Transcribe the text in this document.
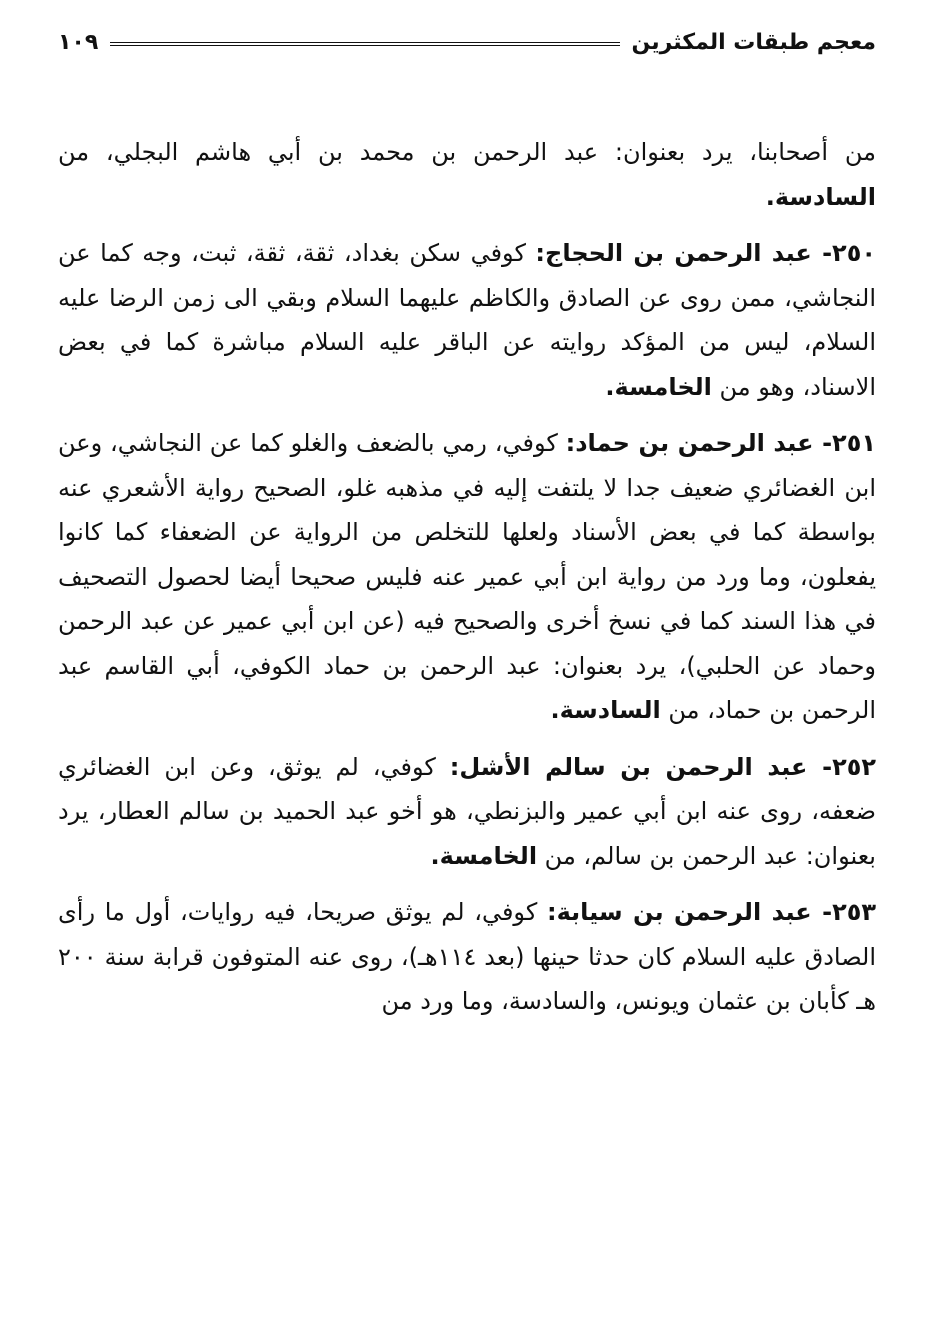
معجم طبقات المكثرين
١٠٩

من أصحابنا، يرد بعنوان: عبد الرحمن بن محمد بن أبي هاشم البجلي، من السادسة.

٢٥٠- عبد الرحمن بن الحجاج: كوفي سكن بغداد، ثقة، ثقة، ثبت، وجه كما عن النجاشي، ممن روى عن الصادق والكاظم عليهما السلام وبقي الى زمن الرضا عليه السلام، ليس من المؤكد روايته عن الباقر عليه السلام مباشرة كما في بعض الاسناد، وهو من الخامسة.

٢٥١- عبد الرحمن بن حماد: كوفي، رمي بالضعف والغلو كما عن النجاشي، وعن ابن الغضائري ضعيف جدا لا يلتفت إليه في مذهبه غلو، الصحيح رواية الأشعري عنه بواسطة كما في بعض الأسناد ولعلها للتخلص من الرواية عن الضعفاء كما كانوا يفعلون، وما ورد من رواية ابن أبي عمير عنه فليس صحيحا أيضا لحصول التصحيف في هذا السند كما في نسخ أخرى والصحيح فيه (عن ابن أبي عمير عن عبد الرحمن وحماد عن الحلبي)، يرد بعنوان: عبد الرحمن بن حماد الكوفي، أبي القاسم عبد الرحمن بن حماد، من السادسة.

٢٥٢- عبد الرحمن بن سالم الأشل: كوفي، لم يوثق، وعن ابن الغضائري ضعفه، روى عنه ابن أبي عمير والبزنطي، هو أخو عبد الحميد بن سالم العطار، يرد بعنوان: عبد الرحمن بن سالم، من الخامسة.

٢٥٣- عبد الرحمن بن سيابة: كوفي، لم يوثق صريحا، فيه روايات، أول ما رأى الصادق عليه السلام كان حدثا حينها (بعد ١١٤هـ)، روى عنه المتوفون قرابة سنة ٢٠٠ هـ كأبان بن عثمان ويونس، والسادسة، وما ورد من
